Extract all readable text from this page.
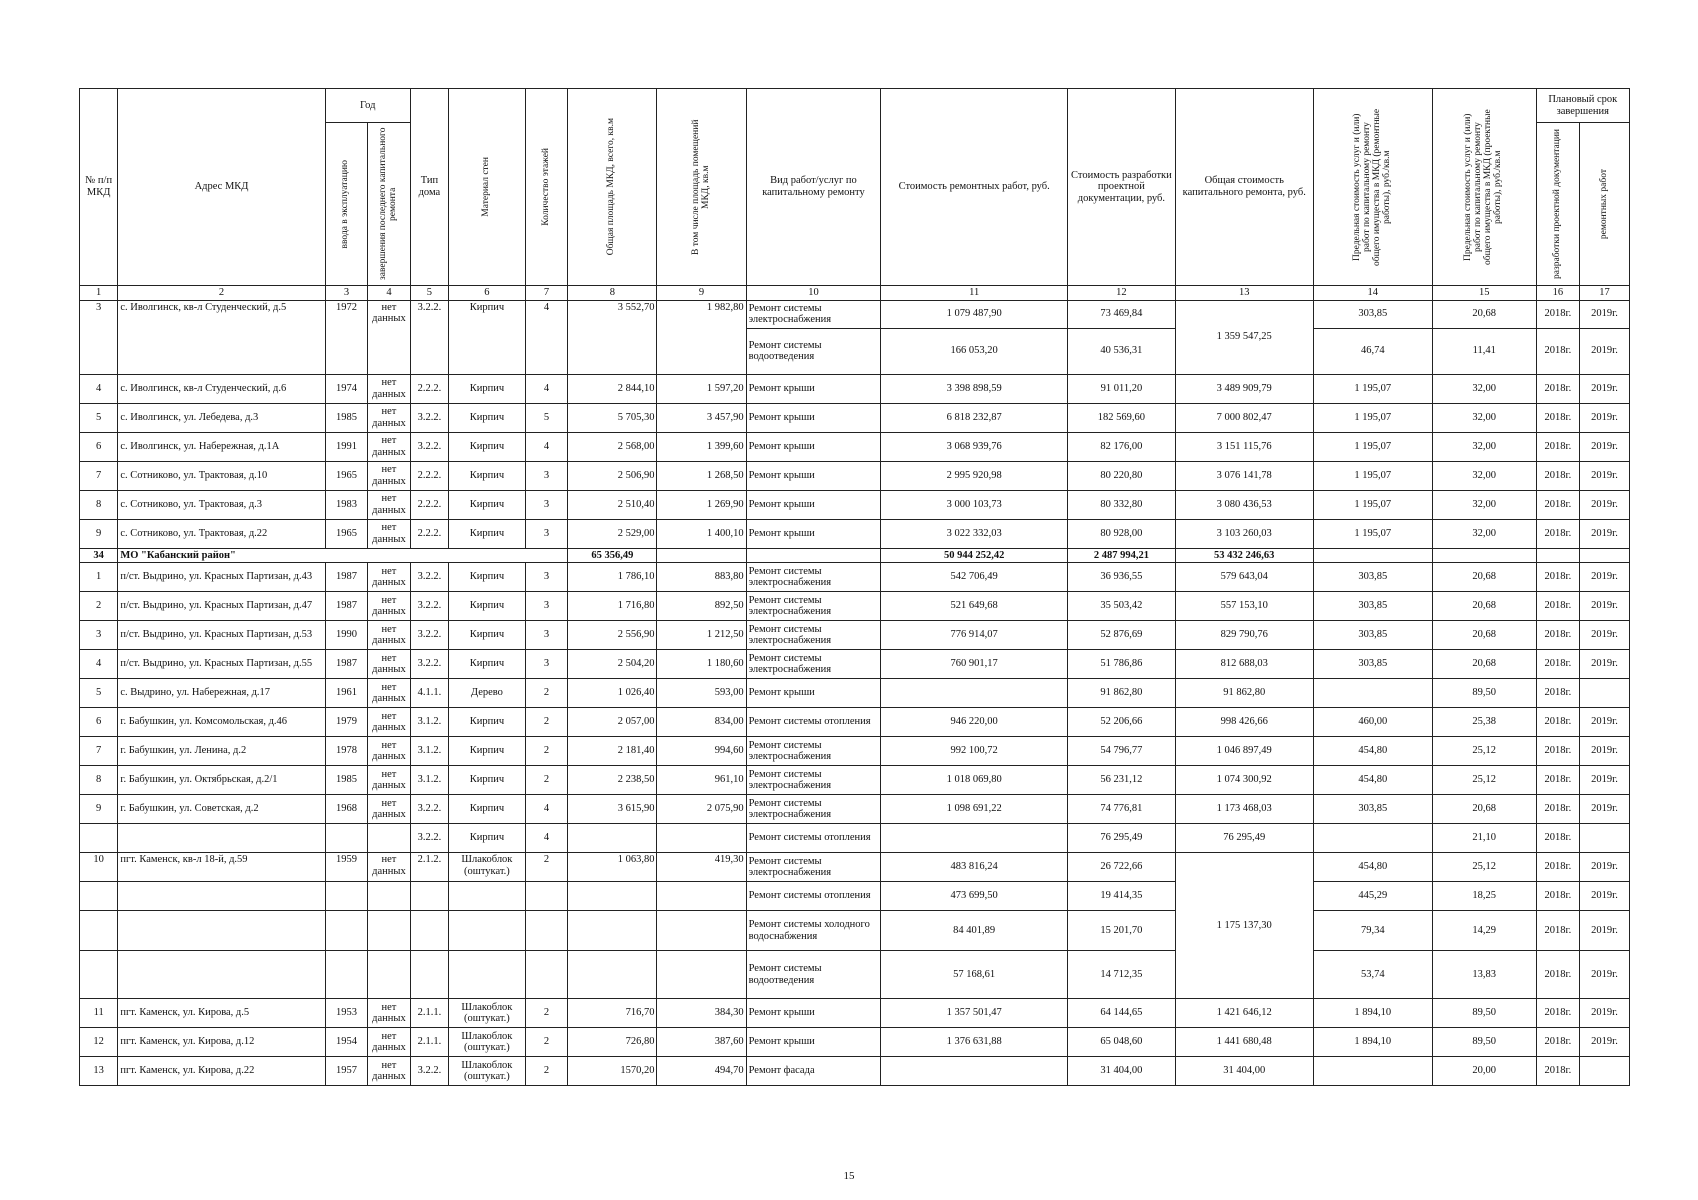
№ п/п МКД	Адрес МКД	Год		Тип дома	Материал стен	Количество этажей	Общая площадь МКД, всего, кв.м	В том числе площадь помещений МКД, кв.м	Вид работ/услуг по капитальному ремонту	Стоимость ремонтных работ, руб.	Стоимость разработки проектной документации, руб.	Общая стоимость капитального ремонта, руб.	Предельная стоимость услуг и (или) работ по капитальному ремонту общего имущества в МКД (ремонтные работы), руб./кв.м	Предельная стоимость услуг и (или) работ по капитальному ремонту общего имущества в МКД (проектные работы), руб./кв.м	Плановый срок завершения	

		ввода в эксплуатацию	завершения последнего капитального ремонта												разработки проектной документации	ремонтных работ

1	2	3	4	5	6	7	8	9	10	11	12	13	14	15	16	17
3	с. Иволгинск, кв-л Студенческий, д.5	1972	нет данных	3.2.2.	Кирпич	4	3 552,70	1 982,80	Ремонт системы электроснабжения	1 079 487,90	73 469,84	1 359 547,25	303,85	20,68	2018г.	2019г.
									Ремонт системы водоотведения	166 053,20	40 536,31		46,74	11,41	2018г.	2019г.
4	с. Иволгинск, кв-л Студенческий, д.6	1974	нет данных	2.2.2.	Кирпич	4	2 844,10	1 597,20	Ремонт крыши	3 398 898,59	91 011,20	3 489 909,79	1 195,07	32,00	2018г.	2019г.
5	с. Иволгинск, ул. Лебедева, д.3	1985	нет данных	3.2.2.	Кирпич	5	5 705,30	3 457,90	Ремонт крыши	6 818 232,87	182 569,60	7 000 802,47	1 195,07	32,00	2018г.	2019г.
6	с. Иволгинск, ул. Набережная, д.1А	1991	нет данных	3.2.2.	Кирпич	4	2 568,00	1 399,60	Ремонт крыши	3 068 939,76	82 176,00	3 151 115,76	1 195,07	32,00	2018г.	2019г.
7	с. Сотниково, ул. Трактовая, д.10	1965	нет данных	2.2.2.	Кирпич	3	2 506,90	1 268,50	Ремонт крыши	2 995 920,98	80 220,80	3 076 141,78	1 195,07	32,00	2018г.	2019г.
8	с. Сотниково, ул. Трактовая, д.3	1983	нет данных	2.2.2.	Кирпич	3	2 510,40	1 269,90	Ремонт крыши	3 000 103,73	80 332,80	3 080 436,53	1 195,07	32,00	2018г.	2019г.
9	с. Сотниково, ул. Трактовая, д.22	1965	нет данных	2.2.2.	Кирпич	3	2 529,00	1 400,10	Ремонт крыши	3 022 332,03	80 928,00	3 103 260,03	1 195,07	32,00	2018г.	2019г.
34	МО "Кабанский район"						65 356,49			50 944 252,42	2 487 994,21	53 432 246,63				
1	п/ст. Выдрино, ул. Красных Партизан, д.43	1987	нет данных	3.2.2.	Кирпич	3	1 786,10	883,80	Ремонт системы электроснабжения	542 706,49	36 936,55	579 643,04	303,85	20,68	2018г.	2019г.
2	п/ст. Выдрино, ул. Красных Партизан, д.47	1987	нет данных	3.2.2.	Кирпич	3	1 716,80	892,50	Ремонт системы электроснабжения	521 649,68	35 503,42	557 153,10	303,85	20,68	2018г.	2019г.
3	п/ст. Выдрино, ул. Красных Партизан, д.53	1990	нет данных	3.2.2.	Кирпич	3	2 556,90	1 212,50	Ремонт системы электроснабжения	776 914,07	52 876,69	829 790,76	303,85	20,68	2018г.	2019г.
4	п/ст. Выдрино, ул. Красных Партизан, д.55	1987	нет данных	3.2.2.	Кирпич	3	2 504,20	1 180,60	Ремонт системы электроснабжения	760 901,17	51 786,86	812 688,03	303,85	20,68	2018г.	2019г.
5	с. Выдрино, ул. Набережная, д.17	1961	нет данных	4.1.1.	Дерево	2	1 026,40	593,00	Ремонт крыши		91 862,80	91 862,80		89,50	2018г.	
6	г. Бабушкин, ул. Комсомольская, д.46	1979	нет данных	3.1.2.	Кирпич	2	2 057,00	834,00	Ремонт системы отопления	946 220,00	52 206,66	998 426,66	460,00	25,38	2018г.	2019г.
7	г. Бабушкин, ул. Ленина, д.2	1978	нет данных	3.1.2.	Кирпич	2	2 181,40	994,60	Ремонт системы электроснабжения	992 100,72	54 796,77	1 046 897,49	454,80	25,12	2018г.	2019г.
8	г. Бабушкин, ул. Октябрьская, д.2/1	1985	нет данных	3.1.2.	Кирпич	2	2 238,50	961,10	Ремонт системы электроснабжения	1 018 069,80	56 231,12	1 074 300,92	454,80	25,12	2018г.	2019г.
9	г. Бабушкин, ул. Советская, д.2	1968	нет данных	3.2.2.	Кирпич	4	3 615,90	2 075,90	Ремонт системы электроснабжения	1 098 691,22	74 776,81	1 173 468,03	303,85	20,68	2018г.	2019г.
				3.2.2.	Кирпич	4			Ремонт системы отопления		76 295,49	76 295,49		21,10	2018г.	
10	пгт. Каменск, кв-л 18-й, д.59	1959	нет данных	2.1.2.	Шлакоблок (оштукат.)	2	1 063,80	419,30	Ремонт системы электроснабжения	483 816,24	26 722,66	1 175 137,30	454,80	25,12	2018г.	2019г.
									Ремонт системы отопления	473 699,50	19 414,35		445,29	18,25	2018г.	2019г.
									Ремонт системы холодного водоснабжения	84 401,89	15 201,70		79,34	14,29	2018г.	2019г.
									Ремонт системы водоотведения	57 168,61	14 712,35		53,74	13,83	2018г.	2019г.
11	пгт. Каменск, ул. Кирова, д.5	1953	нет данных	2.1.1.	Шлакоблок (оштукат.)	2	716,70	384,30	Ремонт крыши	1 357 501,47	64 144,65	1 421 646,12	1 894,10	89,50	2018г.	2019г.
12	пгт. Каменск, ул. Кирова, д.12	1954	нет данных	2.1.1.	Шлакоблок (оштукат.)	2	726,80	387,60	Ремонт крыши	1 376 631,88	65 048,60	1 441 680,48	1 894,10	89,50	2018г.	2019г.
13	пгт. Каменск, ул. Кирова, д.22	1957	нет данных	3.2.2.	Шлакоблок (оштукат.)	2	1570,20	494,70	Ремонт фасада		31 404,00	31 404,00		20,00	2018г.	
15
